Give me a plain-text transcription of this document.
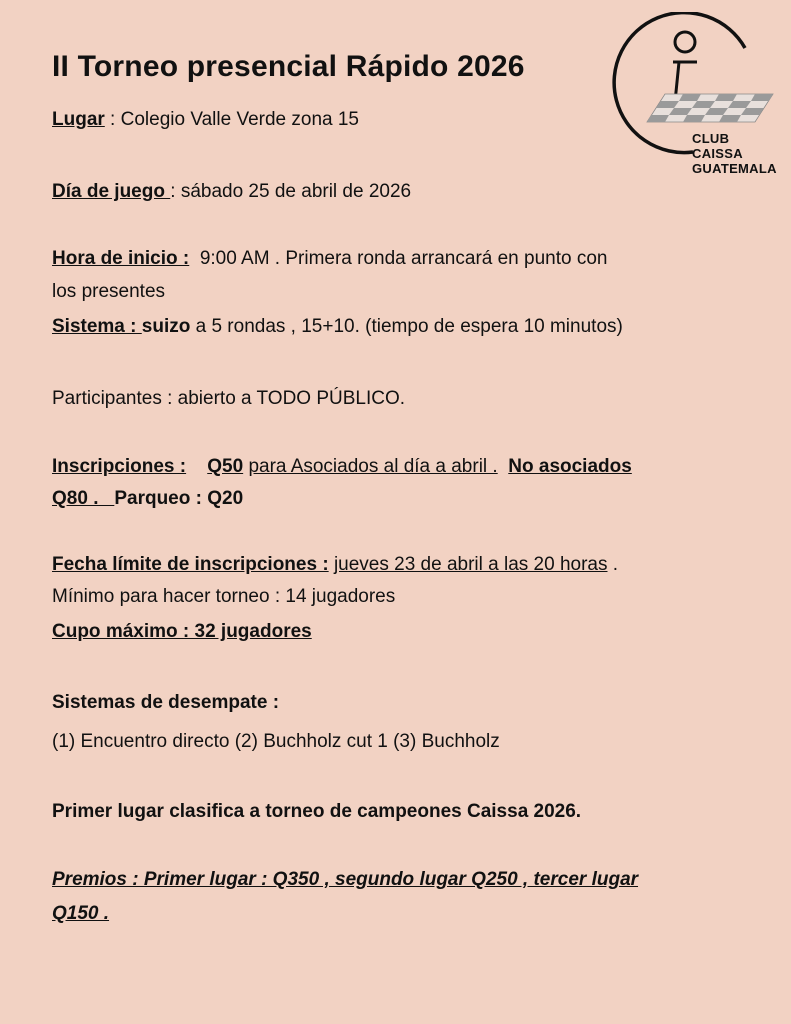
CLUB
CAISSA
GUATEMALA
II Torneo presencial Rápido 2026
Lugar : Colegio Valle Verde zona 15
Día de juego : sábado 25 de abril de 2026
Hora de inicio : 9:00 AM . Primera ronda arrancará en punto con
los presentes
Sistema : suizo a 5 rondas , 15+10. (tiempo de espera 10 minutos)
Participantes : abierto a TODO PÚBLICO.
Inscripciones : Q50 para Asociados al día a abril . No asociados
Q80 . Parqueo : Q20
Fecha límite de inscripciones : jueves 23 de abril a las 20 horas .
Mínimo para hacer torneo : 14 jugadores
Cupo máximo : 32 jugadores
Sistemas de desempate :
(1) Encuentro directo (2) Buchholz cut 1 (3) Buchholz
Primer lugar clasifica a torneo de campeones Caissa 2026.
Premios : Primer lugar : Q350 , segundo lugar Q250 , tercer lugar
Q150 .
